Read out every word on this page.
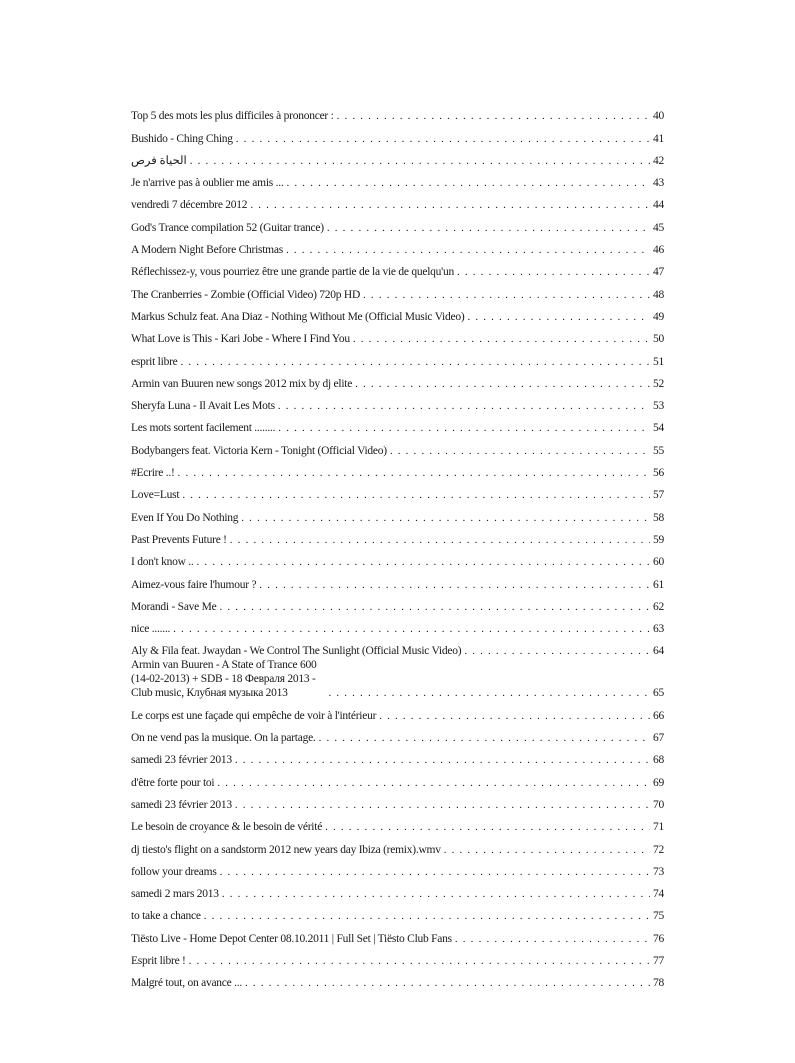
Top 5 des mots les plus difficiles à prononcer : . . .	40
Bushido - Ching Ching . . .	41
الحياة فرص . . .	42
Je n'arrive pas à oublier me amis ... . . .	43
vendredi 7 décembre 2012 . . .	44
God's Trance compilation 52 (Guitar trance) . . .	45
A Modern Night Before Christmas . . .	46
Réflechissez-y, vous pourriez être une grande partie de la vie de quelqu'un . . .	47
The Cranberries - Zombie (Official Video) 720p HD . . .	48
Markus Schulz feat. Ana Diaz - Nothing Without Me (Official Music Video) . . .	49
What Love is This - Kari Jobe - Where I Find You . . .	50
esprit libre . . .	51
Armin van Buuren new songs 2012 mix by dj elite . . .	52
Sheryfa Luna - Il Avait Les Mots . . .	53
Les mots sortent facilement ........ . . .	54
Bodybangers feat. Victoria Kern - Tonight (Official Video) . . .	55
#Ecrire ..! . . .	56
Love=Lust . . .	57
Even If You Do Nothing . . .	58
Past Prevents Future ! . . .	59
I don't know .. . . .	60
Aimez-vous faire l'humour ? . . .	61
Morandi - Save Me . . .	62
nice ....... . . .	63
Aly & Fila feat. Jwaydan - We Control The Sunlight (Official Music Video) . . .	64
Armin van Buuren - A State of Trance 600 (14-02-2013) + SDB - 18 Февраля 2013 - Club music, Клубная музыка 2013 . . .	65
Le corps est une façade qui empêche de voir à l'intérieur . . .	66
On ne vend pas la musique. On la partage. . . .	67
samedi 23 février 2013 . . .	68
d'être forte pour toi . . .	69
samedi 23 février 2013 . . .	70
Le besoin de croyance & le besoin de vérité . . .	71
dj tiesto's flight on a sandstorm 2012 new years day Ibiza (remix).wmv . . .	72
follow your dreams . . .	73
samedi 2 mars 2013 . . .	74
to take a chance . . .	75
Tiësto Live - Home Depot Center 08.10.2011 | Full Set | Tiësto Club Fans . . .	76
Esprit libre ! . . .	77
Malgré tout, on avance ... . . .	78
